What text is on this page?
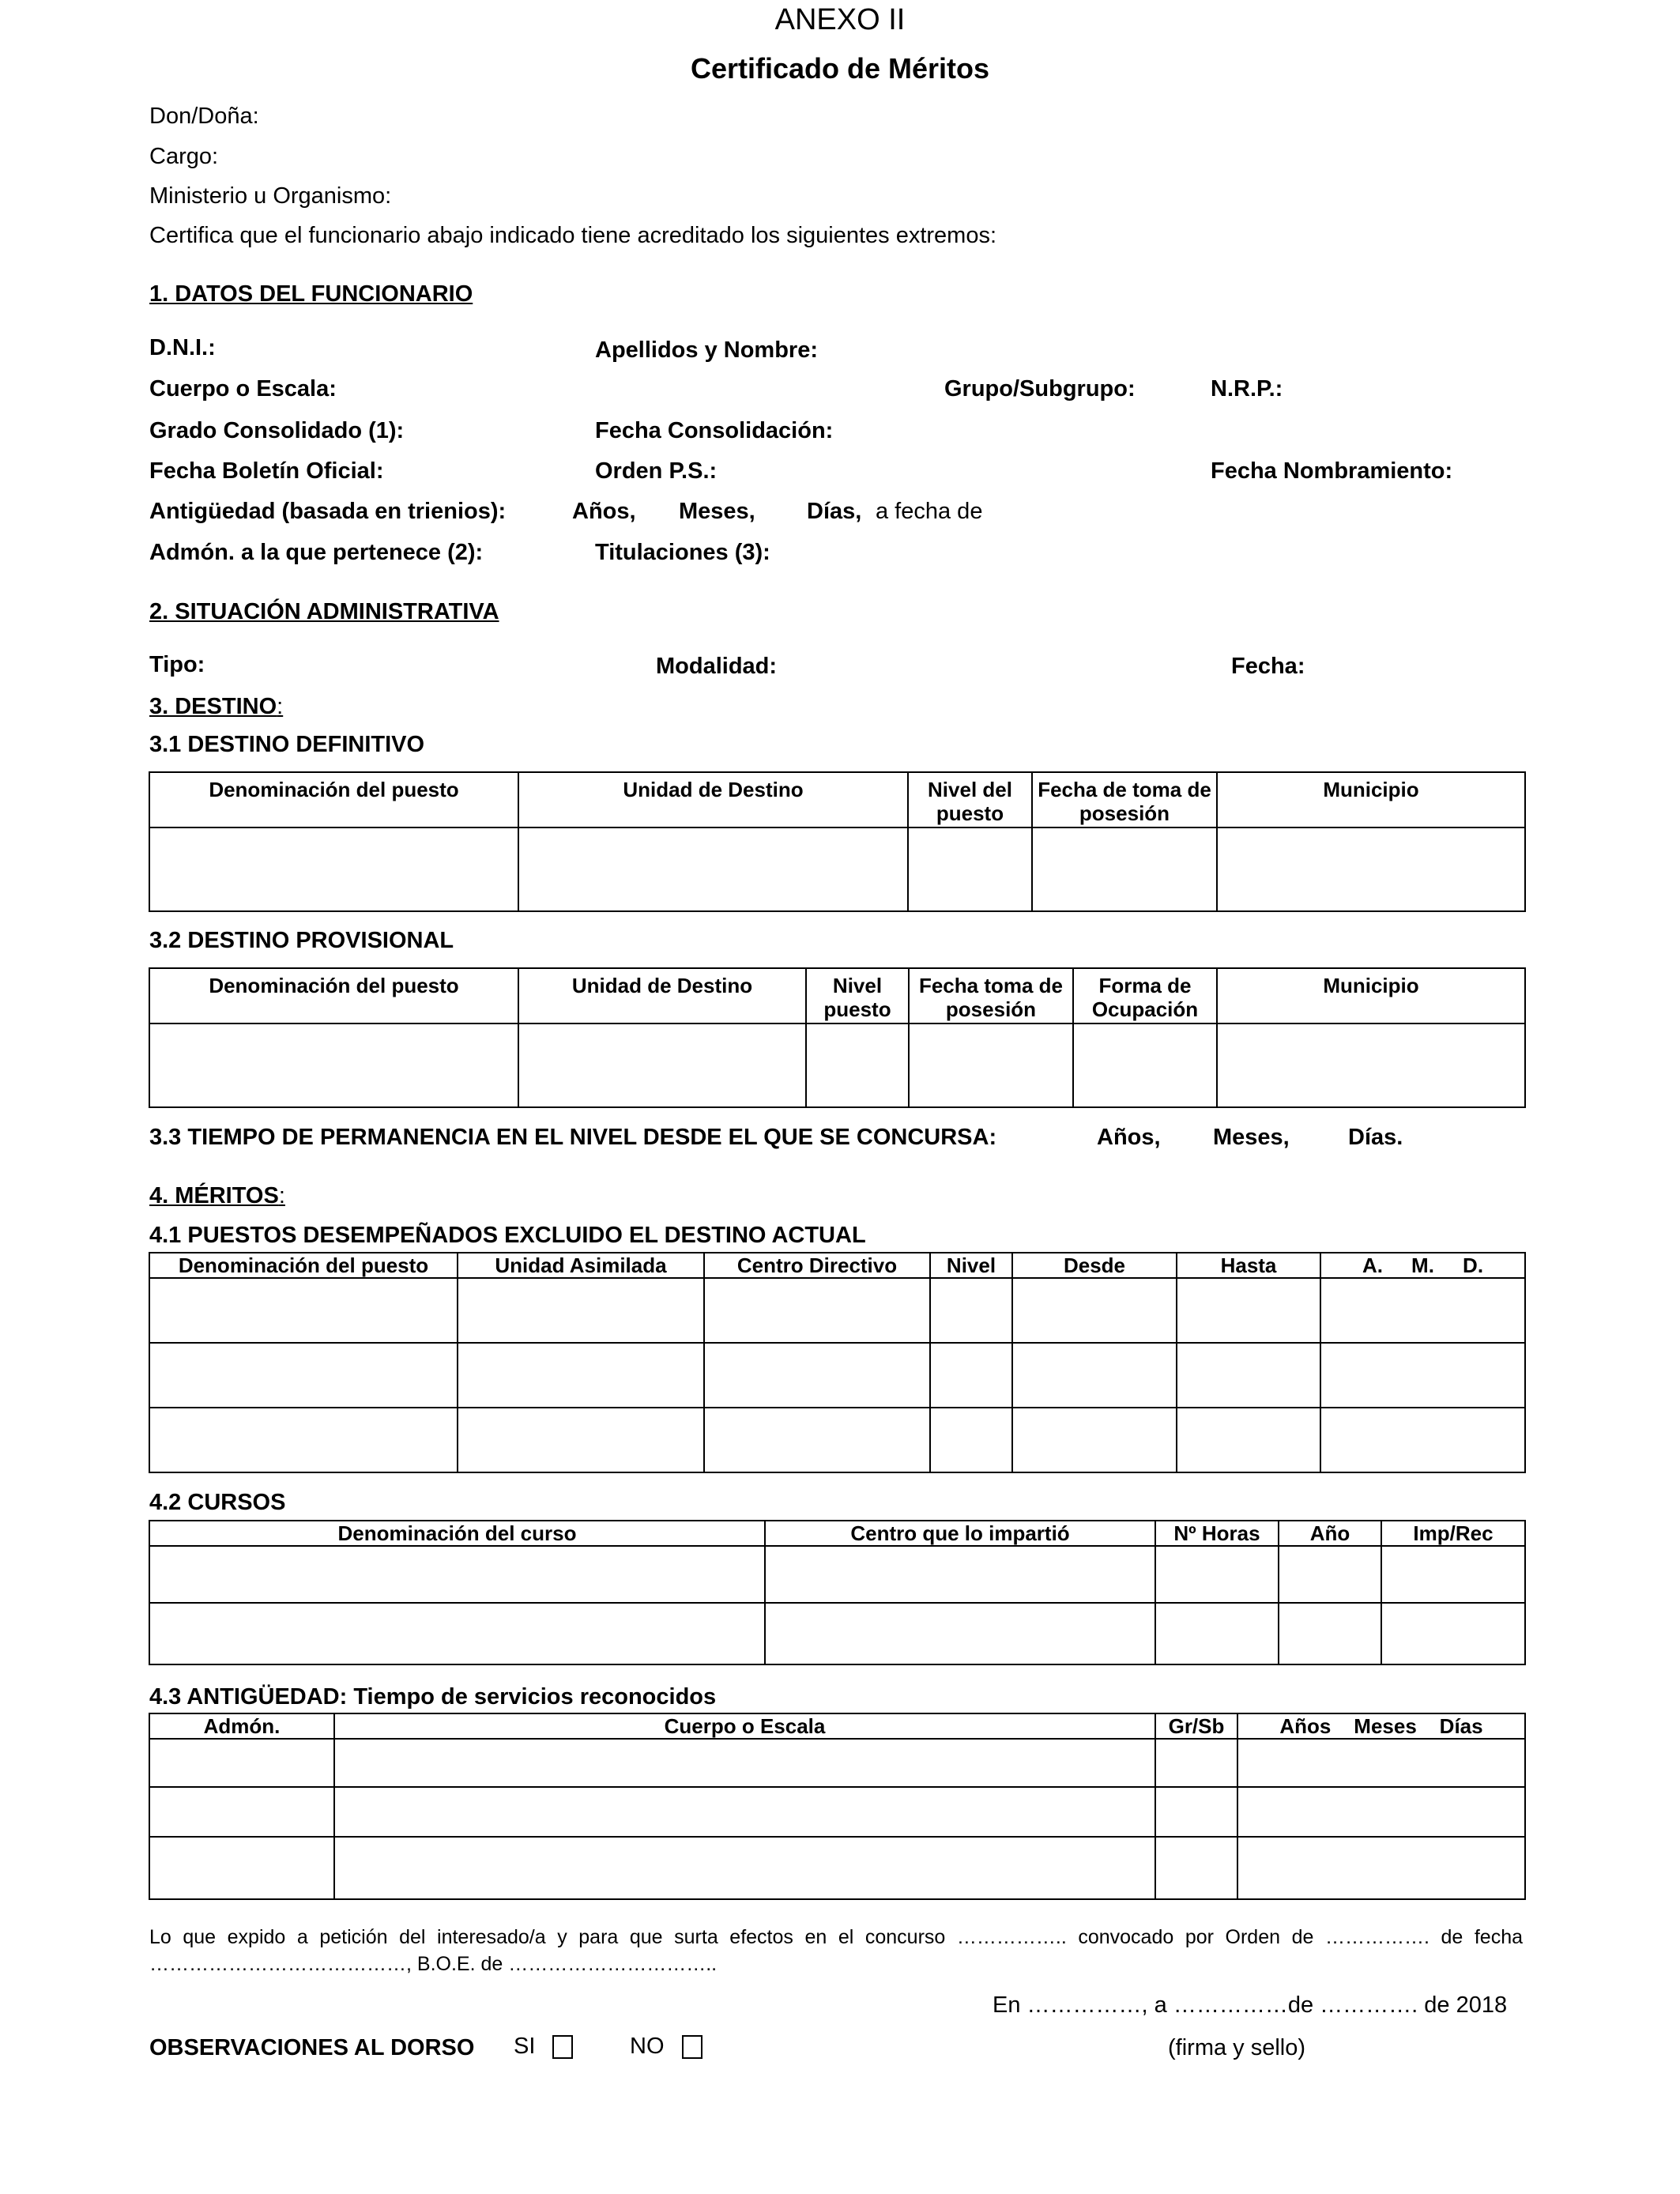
ANEXO II
Certificado de Méritos
Don/Doña:
Cargo:
Ministerio u Organismo:
Certifica que el funcionario abajo indicado tiene acreditado los siguientes extremos:
1. DATOS DEL FUNCIONARIO
D.N.I.:	Apellidos y Nombre:
Cuerpo o Escala:	Grupo/Subgrupo:	N.R.P.:
Grado Consolidado (1):	Fecha Consolidación:
Fecha Boletín Oficial:	Orden P.S.:	Fecha Nombramiento:
Antigüedad (basada en trienios):	Años, Meses, Días, a fecha de
Admón. a la que pertenece (2):	Titulaciones (3):
2. SITUACIÓN ADMINISTRATIVA
Tipo:	Modalidad:	Fecha:
3. DESTINO:
3.1 DESTINO DEFINITIVO
Denominación del puesto	Unidad de Destino	Nivel del puesto	Fecha de toma de posesión	Municipio

3.2 DESTINO PROVISIONAL
Denominación del puesto	Unidad de Destino	Nivel puesto	Fecha toma de posesión	Forma de Ocupación	Municipio

3.3 TIEMPO DE PERMANENCIA EN EL NIVEL DESDE EL QUE SE CONCURSA:	Años, Meses,	Días.
4. MÉRITOS:
4.1 PUESTOS DESEMPEÑADOS EXCLUIDO EL DESTINO ACTUAL
Denominación del puesto	Unidad Asimilada	Centro Directivo	Nivel	Desde	Hasta	A.     M.     D.

4.2 CURSOS
Denominación del curso	Centro que lo impartió	Nº Horas	Año	Imp/Rec

4.3 ANTIGÜEDAD: Tiempo de servicios reconocidos
Admón.	Cuerpo o Escala	Gr/Sb	Años    Meses    Días

Lo que expido a petición del interesado/a y para que surta efectos en el concurso …………….. convocado por Orden de ……………. de fecha …………………………………, B.O.E. de …………………………..
En ……………, a ……………de …………. de 2018
OBSERVACIONES AL DORSO SI	NO	(firma y sello)
